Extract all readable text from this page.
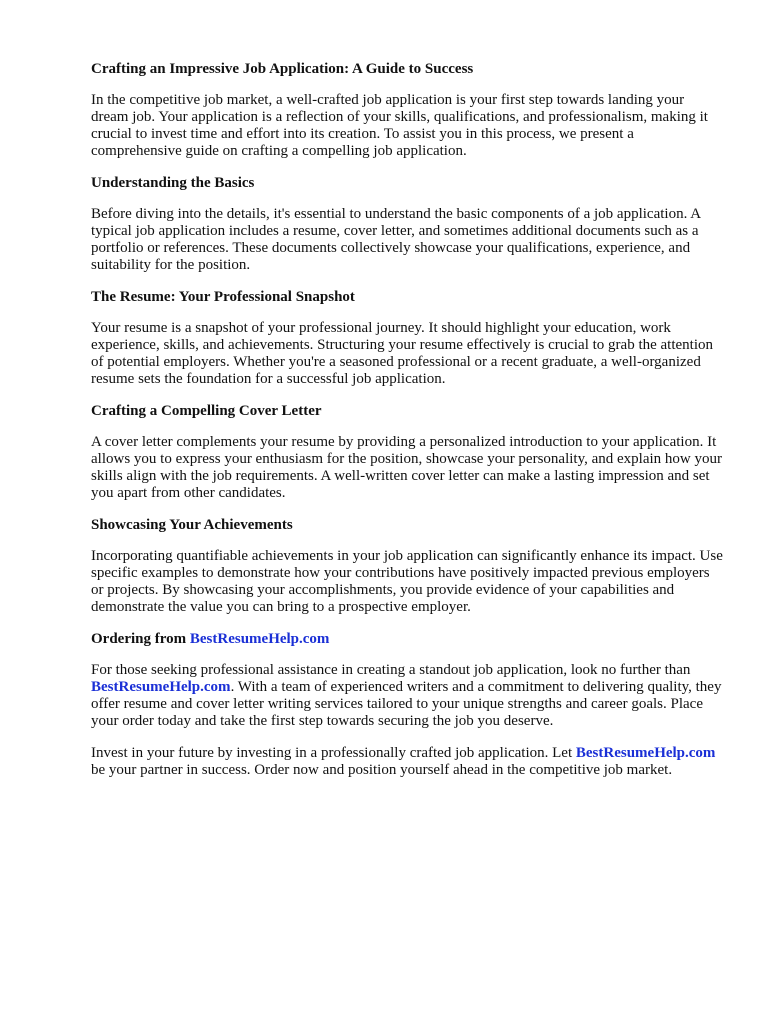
Crafting an Impressive Job Application: A Guide to Success

In the competitive job market, a well-crafted job application is your first step towards landing your dream job. Your application is a reflection of your skills, qualifications, and professionalism, making it crucial to invest time and effort into its creation. To assist you in this process, we present a comprehensive guide on crafting a compelling job application.

Understanding the Basics

Before diving into the details, it's essential to understand the basic components of a job application. A typical job application includes a resume, cover letter, and sometimes additional documents such as a portfolio or references. These documents collectively showcase your qualifications, experience, and suitability for the position.

The Resume: Your Professional Snapshot

Your resume is a snapshot of your professional journey. It should highlight your education, work experience, skills, and achievements. Structuring your resume effectively is crucial to grab the attention of potential employers. Whether you're a seasoned professional or a recent graduate, a well-organized resume sets the foundation for a successful job application.

Crafting a Compelling Cover Letter

A cover letter complements your resume by providing a personalized introduction to your application. It allows you to express your enthusiasm for the position, showcase your personality, and explain how your skills align with the job requirements. A well-written cover letter can make a lasting impression and set you apart from other candidates.

Showcasing Your Achievements

Incorporating quantifiable achievements in your job application can significantly enhance its impact. Use specific examples to demonstrate how your contributions have positively impacted previous employers or projects. By showcasing your accomplishments, you provide evidence of your capabilities and demonstrate the value you can bring to a prospective employer.

Ordering from BestResumeHelp.com

For those seeking professional assistance in creating a standout job application, look no further than BestResumeHelp.com. With a team of experienced writers and a commitment to delivering quality, they offer resume and cover letter writing services tailored to your unique strengths and career goals. Place your order today and take the first step towards securing the job you deserve.

Invest in your future by investing in a professionally crafted job application. Let BestResumeHelp.com be your partner in success. Order now and position yourself ahead in the competitive job market.
